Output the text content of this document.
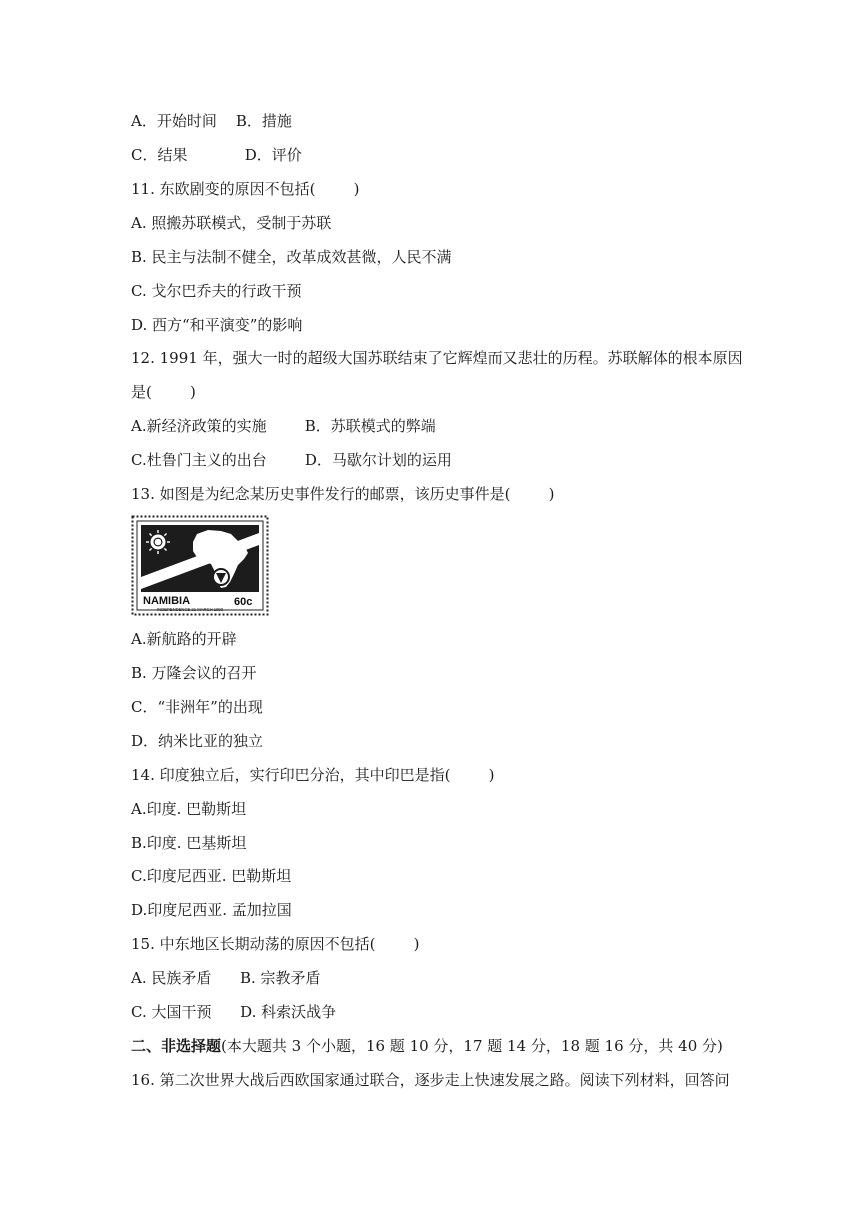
A．开始时间    B．措施
C．结果            D．评价
11. 东欧剧变的原因不包括(        )
A. 照搬苏联模式，受制于苏联
B. 民主与法制不健全，改革成效甚微，人民不满
C. 戈尔巴乔夫的行政干预
D. 西方“和平演变”的影响
12. 1991 年，强大一时的超级大国苏联结束了它辉煌而又悲壮的历程。苏联解体的根本原因
是(        )
A.新经济政策的实施        B．苏联模式的弊端
C.杜鲁门主义的出台        D．马歇尔计划的运用
13. 如图是为纪念某历史事件发行的邮票，该历史事件是(        )
NAMIBIA	60c
INDEPENDENCE 21 MARCH 1990
A.新航路的开辟
B. 万隆会议的召开
C．“非洲年”的出现
D．纳米比亚的独立
14. 印度独立后，实行印巴分治，其中印巴是指(        )
A.印度. 巴勒斯坦
B.印度. 巴基斯坦
C.印度尼西亚. 巴勒斯坦
D.印度尼西亚. 孟加拉国
15. 中东地区长期动荡的原因不包括(        )
A. 民族矛盾      B. 宗教矛盾
C. 大国干预      D. 科索沃战争
二、非选择题(本大题共 3 个小题，16 题 10 分，17 题 14 分，18 题 16 分，共 40 分)
16. 第二次世界大战后西欧国家通过联合，逐步走上快速发展之路。阅读下列材料，回答问
